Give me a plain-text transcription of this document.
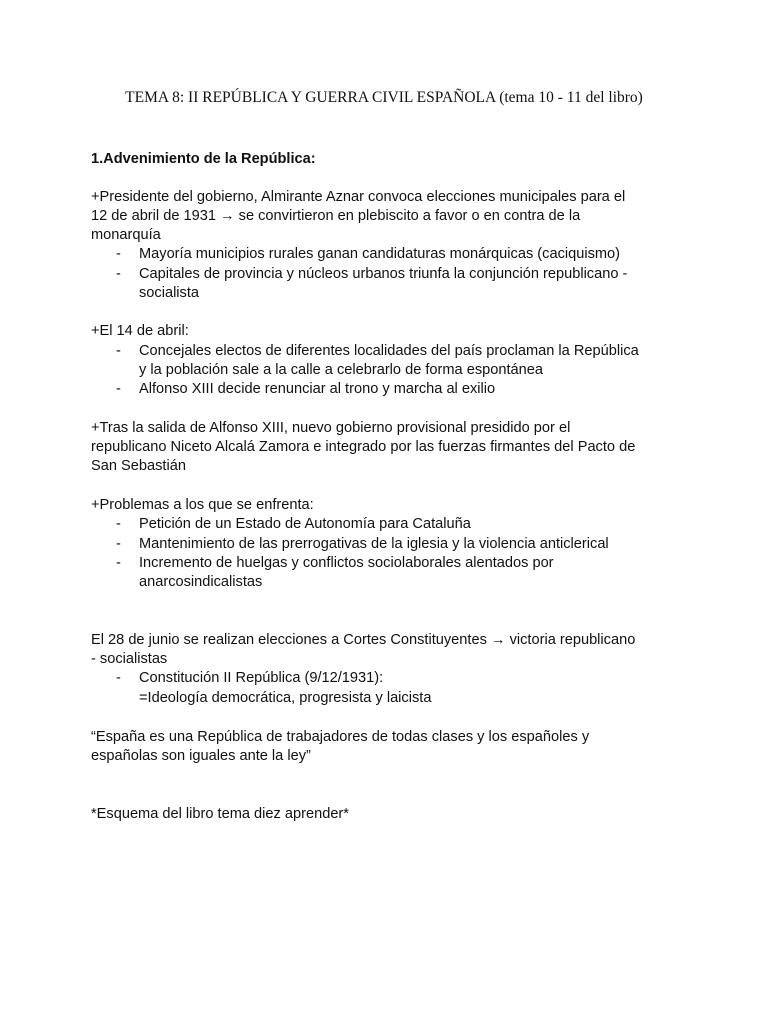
TEMA 8: II REPÚBLICA Y GUERRA CIVIL ESPAÑOLA (tema 10 - 11 del libro)
1.Advenimiento de la República:
+Presidente del gobierno, Almirante Aznar convoca elecciones municipales para el
12 de abril de 1931 → se convirtieron en plebiscito a favor o en contra de la
monarquía
- Mayoría municipios rurales ganan candidaturas monárquicas (caciquismo)
- Capitales de provincia y núcleos urbanos triunfa la conjunción republicano -
socialista
+El 14 de abril:
- Concejales electos de diferentes localidades del país proclaman la República
y la población sale a la calle a celebrarlo de forma espontánea
- Alfonso XIII decide renunciar al trono y marcha al exilio
+Tras la salida de Alfonso XIII, nuevo gobierno provisional presidido por el
republicano Niceto Alcalá Zamora e integrado por las fuerzas firmantes del Pacto de
San Sebastián
+Problemas a los que se enfrenta:
- Petición de un Estado de Autonomía para Cataluña
- Mantenimiento de las prerrogativas de la iglesia y la violencia anticlerical
- Incremento de huelgas y conflictos sociolaborales alentados por
anarcosindicalistas
El 28 de junio se realizan elecciones a Cortes Constituyentes → victoria republicano
- socialistas
- Constitución II República (9/12/1931):
=Ideología democrática, progresista y laicista
“España es una República de trabajadores de todas clases y los españoles y
españolas son iguales ante la ley”
*Esquema del libro tema diez aprender*
